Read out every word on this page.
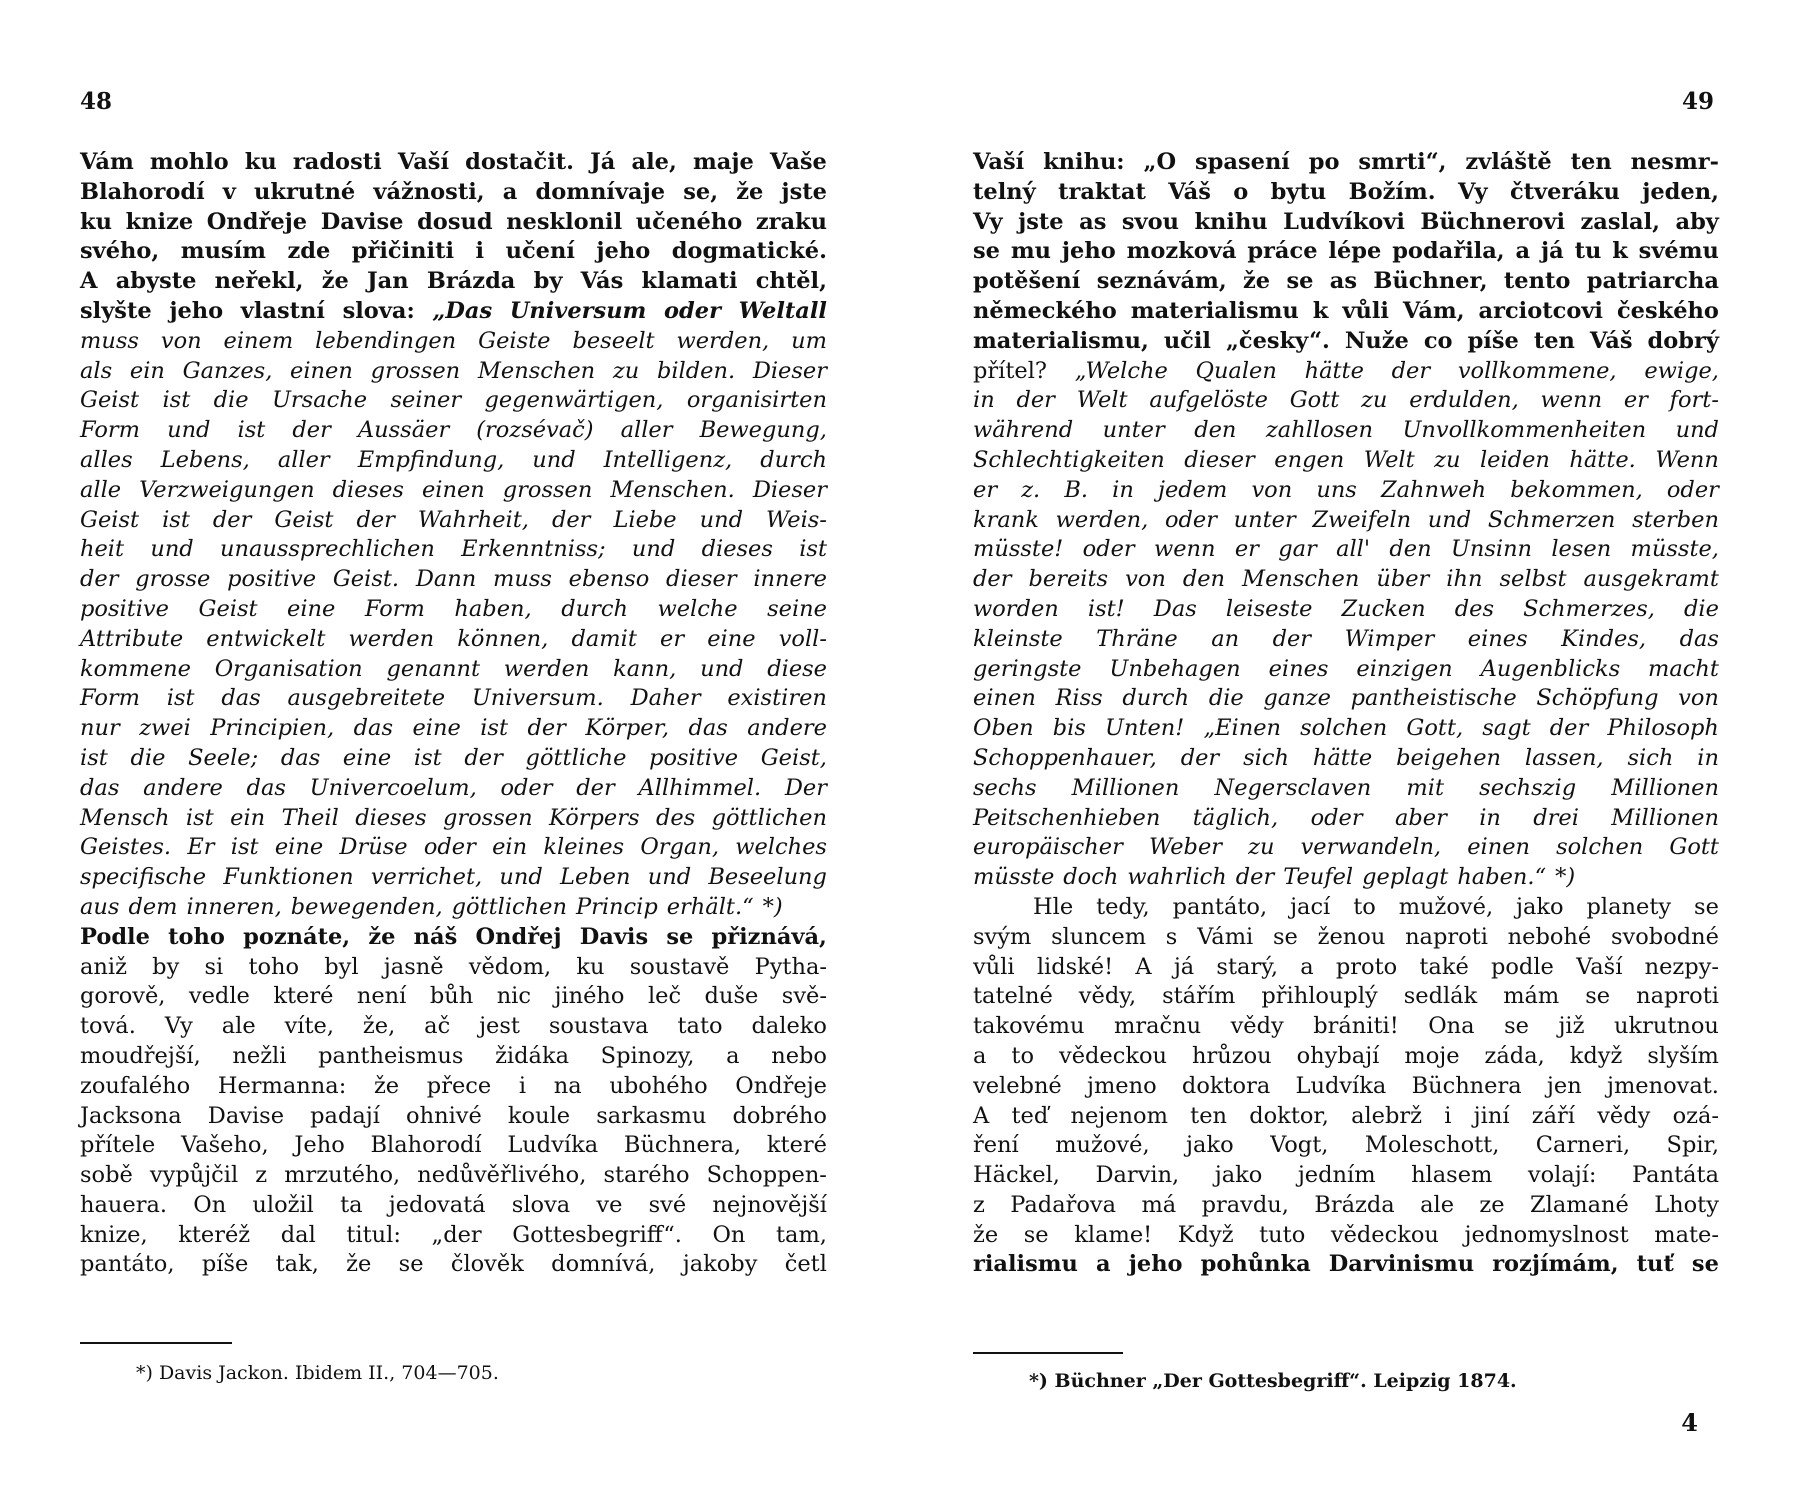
48
Vám mohlo ku radosti Vaší dostačit. Já ale, maje Vaše
Blahorodí v ukrutné vážnosti, a domnívaje se, že jste
ku knize Ondřeje Davise dosud nesklonil učeného zraku
svého, musím zde přičiniti i učení jeho dogmatické.
A abyste neřekl, že Jan Brázda by Vás klamati chtěl,
slyšte jeho vlastní slova: „Das Universum oder Weltall
muss von einem lebendingen Geiste beseelt werden, um
als ein Ganzes, einen grossen Menschen zu bilden. Dieser
Geist ist die Ursache seiner gegenwärtigen, organisirten
Form und ist der Aussäer (rozsévač) aller Bewegung,
alles Lebens, aller Empfindung, und Intelligenz, durch
alle Verzweigungen dieses einen grossen Menschen. Dieser
Geist ist der Geist der Wahrheit, der Liebe und Weis-
heit und unaussprechlichen Erkenntniss; und dieses ist
der grosse positive Geist. Dann muss ebenso dieser innere
positive Geist eine Form haben, durch welche seine
Attribute entwickelt werden können, damit er eine voll-
kommene Organisation genannt werden kann, und diese
Form ist das ausgebreitete Universum. Daher existiren
nur zwei Principien, das eine ist der Körper, das andere
ist die Seele; das eine ist der göttliche positive Geist,
das andere das Univercoelum, oder der Allhimmel. Der
Mensch ist ein Theil dieses grossen Körpers des göttlichen
Geistes. Er ist eine Drüse oder ein kleines Organ, welches
specifische Funktionen verrichet, und Leben und Beseelung
aus dem inneren, bewegenden, göttlichen Princip erhält.“ *)
Podle toho poznáte, že náš Ondřej Davis se přiznává,
aniž by si toho byl jasně vědom, ku soustavě Pytha-
gorově, vedle které není bůh nic jiného leč duše svě-
tová. Vy ale víte, že, ač jest soustava tato daleko
moudřejší, nežli pantheismus židáka Spinozy, a nebo
zoufalého Hermanna: že přece i na ubohého Ondřeje
Jacksona Davise padají ohnivé koule sarkasmu dobrého
přítele Vašeho, Jeho Blahorodí Ludvíka Büchnera, které
sobě vypůjčil z mrzutého, nedůvěřlivého, starého Schoppen-
hauera. On uložil ta jedovatá slova ve své nejnovější
knize, kteréž dal titul: „der Gottesbegriff“. On tam,
pantáto, píše tak, že se člověk domnívá, jakoby četl
*) Davis Jackon. Ibidem II., 704—705.
49
Vaší knihu: „O spasení po smrti“, zvláště ten nesmr-
telný traktat Váš o bytu Božím. Vy čtveráku jeden,
Vy jste as svou knihu Ludvíkovi Büchnerovi zaslal, aby
se mu jeho mozková práce lépe podařila, a já tu k svému
potěšení seznávám, že se as Büchner, tento patriarcha
německého materialismu k vůli Vám, arciotcovi českého
materialismu, učil „česky“. Nuže co píše ten Váš dobrý
přítel? „Welche Qualen hätte der vollkommene, ewige,
in der Welt aufgelöste Gott zu erdulden, wenn er fort-
während unter den zahllosen Unvollkommenheiten und
Schlechtigkeiten dieser engen Welt zu leiden hätte. Wenn
er z. B. in jedem von uns Zahnweh bekommen, oder
krank werden, oder unter Zweifeln und Schmerzen sterben
müsste! oder wenn er gar all' den Unsinn lesen müsste,
der bereits von den Menschen über ihn selbst ausgekramt
worden ist! Das leiseste Zucken des Schmerzes, die
kleinste Thräne an der Wimper eines Kindes, das
geringste Unbehagen eines einzigen Augenblicks macht
einen Riss durch die ganze pantheistische Schöpfung von
Oben bis Unten! „Einen solchen Gott, sagt der Philosoph
Schoppenhauer, der sich hätte beigehen lassen, sich in
sechs Millionen Negersclaven mit sechszig Millionen
Peitschenhieben täglich, oder aber in drei Millionen
europäischer Weber zu verwandeln, einen solchen Gott
müsste doch wahrlich der Teufel geplagt haben.“ *)
Hle tedy, pantáto, jací to mužové, jako planety se
svým sluncem s Vámi se ženou naproti nebohé svobodné
vůli lidské! A já starý, a proto také podle Vaší nezpy-
tatelné vědy, stářím přihlouplý sedlák mám se naproti
takovému mračnu vědy brániti! Ona se již ukrutnou
a to vědeckou hrůzou ohybají moje záda, když slyším
velebné jmeno doktora Ludvíka Büchnera jen jmenovat.
A teď nejenom ten doktor, alebrž i jiní září vědy ozá-
ření mužové, jako Vogt, Moleschott, Carneri, Spir,
Häckel, Darvin, jako jedním hlasem volají: Pantáta
z Padařova má pravdu, Brázda ale ze Zlamané Lhoty
že se klame! Když tuto vědeckou jednomyslnost mate-
rialismu a jeho pohůnka Darvinismu rozjímám, tuť se
*) Büchner „Der Gottesbegriff“. Leipzig 1874.
4
